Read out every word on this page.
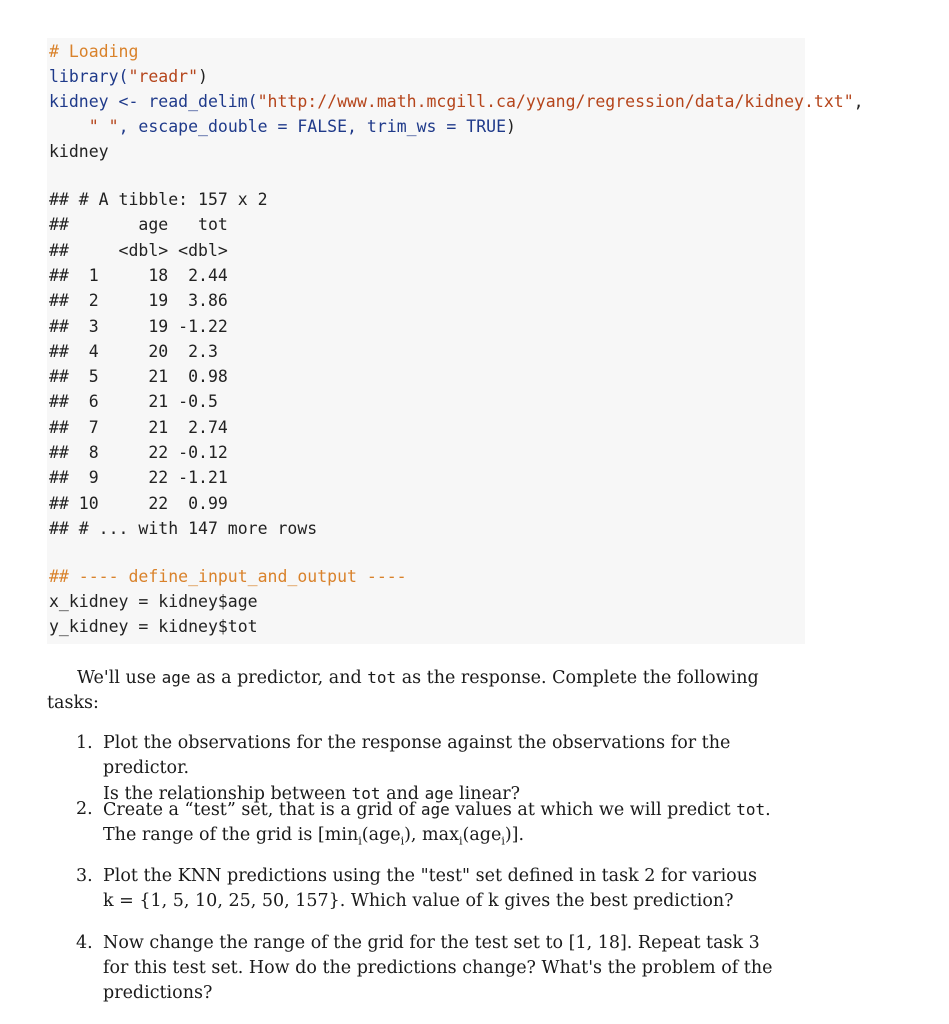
# Loading
library("readr")
kidney <- read_delim("http://www.math.mcgill.ca/yyang/regression/data/kidney.txt",
" ", escape_double = FALSE, trim_ws = TRUE)
kidney
## # A tibble: 157 x 2
##       age   tot
##     <dbl> <dbl>
##  1     18  2.44
##  2     19  3.86
##  3     19 -1.22
##  4     20  2.3
##  5     21  0.98
##  6     21 -0.5
##  7     21  2.74
##  8     22 -0.12
##  9     22 -1.21
## 10     22  0.99
## # ... with 147 more rows
## ---- define_input_and_output ----
x_kidney = kidney$age
y_kidney = kidney$tot
We'll use age as a predictor, and tot as the response. Complete the following
tasks:
1. Plot the observations for the response against the observations for the predictor.
Is the relationship between tot and age linear?
2. Create a “test” set, that is a grid of age values at which we will predict tot.
The range of the grid is [$\min_i(age_i)$, $\max_i(age_i)$].
3. Plot the KNN predictions using the "test" set defined in task 2 for various
k = {1, 5, 10, 25, 50, 157}. Which value of k gives the best prediction?
4. Now change the range of the grid for the test set to [1, 18]. Repeat task 3
for this test set. How do the predictions change? What's the problem of the
predictions?
